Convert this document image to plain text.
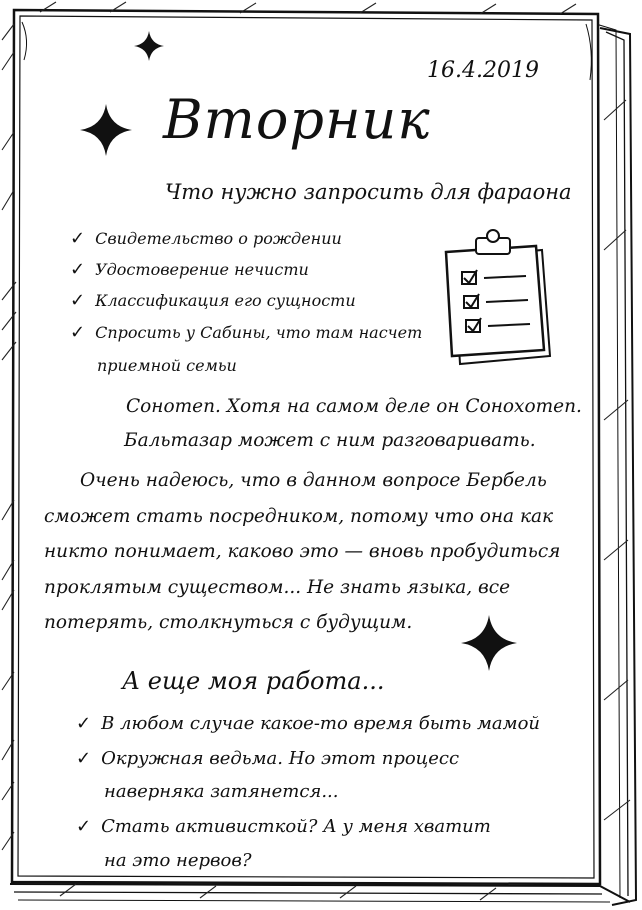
16.4.2019
Вторник
Что нужно запросить для фараона
✓ Свидетельство о рождении
✓ Удостоверение нечисти
✓ Классификация его сущности
✓ Спросить у Сабины, что там насчет
приемной семьи
Сонотеп. Хотя на самом деле он Сонохотеп.
Бальтазар может с ним разговаривать.
Очень надеюсь, что в данном вопросе Бербель
сможет стать посредником, потому что она как
никто понимает, каково это — вновь пробудиться
проклятым существом... Не знать языка, все
потерять, столкнуться с будущим.
А еще моя работа...
✓ В любом случае какое-то время быть мамой
✓ Окружная ведьма. Но этот процесс
наверняка затянется...
✓ Стать активисткой? А у меня хватит
на это нервов?
